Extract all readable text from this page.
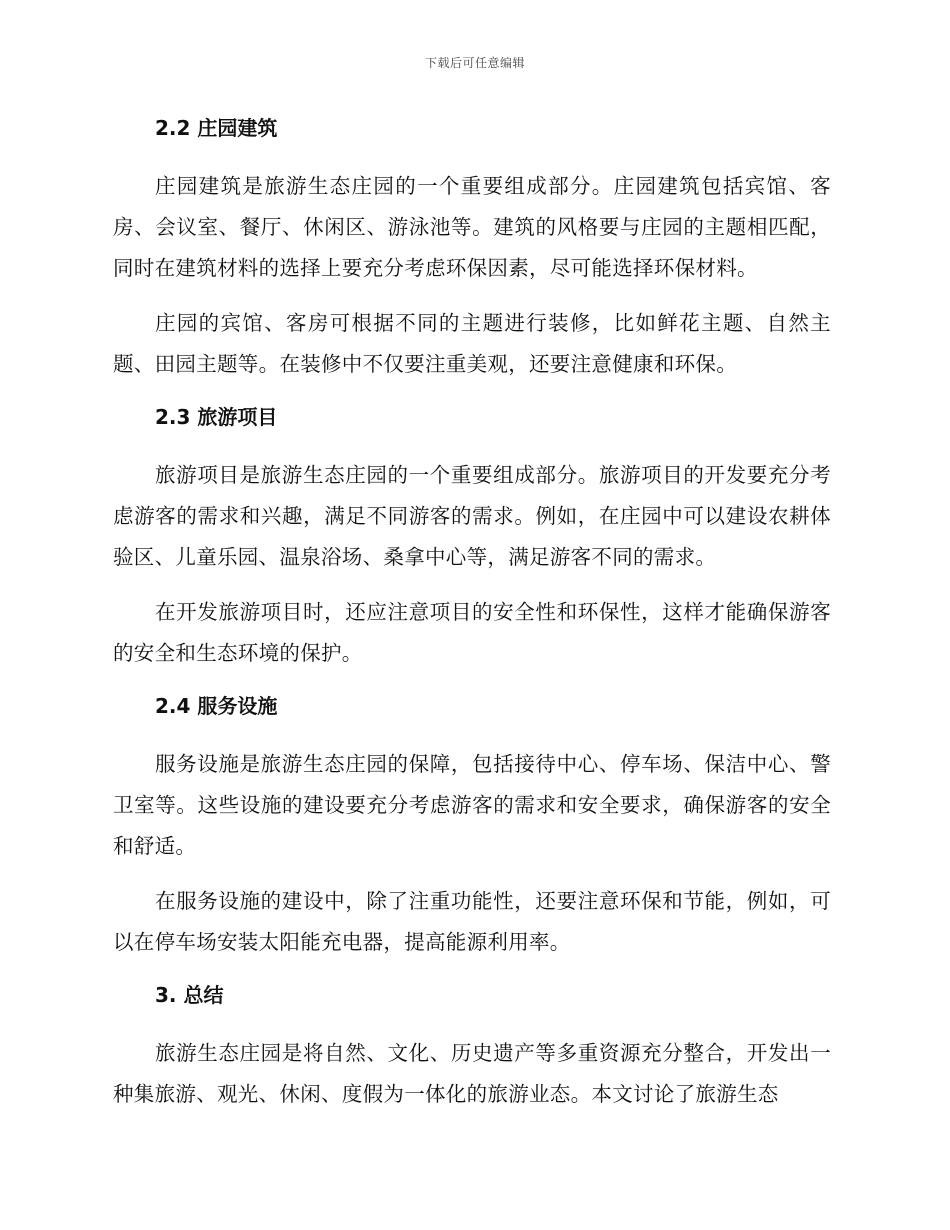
下载后可任意编辑
2.2 庄园建筑

庄园建筑是旅游生态庄园的一个重要组成部分。庄园建筑包括宾馆、客房、会议室、餐厅、休闲区、游泳池等。建筑的风格要与庄园的主题相匹配，同时在建筑材料的选择上要充分考虑环保因素，尽可能选择环保材料。

庄园的宾馆、客房可根据不同的主题进行装修，比如鲜花主题、自然主题、田园主题等。在装修中不仅要注重美观，还要注意健康和环保。

2.3 旅游项目

旅游项目是旅游生态庄园的一个重要组成部分。旅游项目的开发要充分考虑游客的需求和兴趣，满足不同游客的需求。例如，在庄园中可以建设农耕体验区、儿童乐园、温泉浴场、桑拿中心等，满足游客不同的需求。

在开发旅游项目时，还应注意项目的安全性和环保性，这样才能确保游客的安全和生态环境的保护。

2.4 服务设施

服务设施是旅游生态庄园的保障，包括接待中心、停车场、保洁中心、警卫室等。这些设施的建设要充分考虑游客的需求和安全要求，确保游客的安全和舒适。

在服务设施的建设中，除了注重功能性，还要注意环保和节能，例如，可以在停车场安装太阳能充电器，提高能源利用率。

3. 总结

旅游生态庄园是将自然、文化、历史遗产等多重资源充分整合，开发出一种集旅游、观光、休闲、度假为一体化的旅游业态。本文讨论了旅游生态
